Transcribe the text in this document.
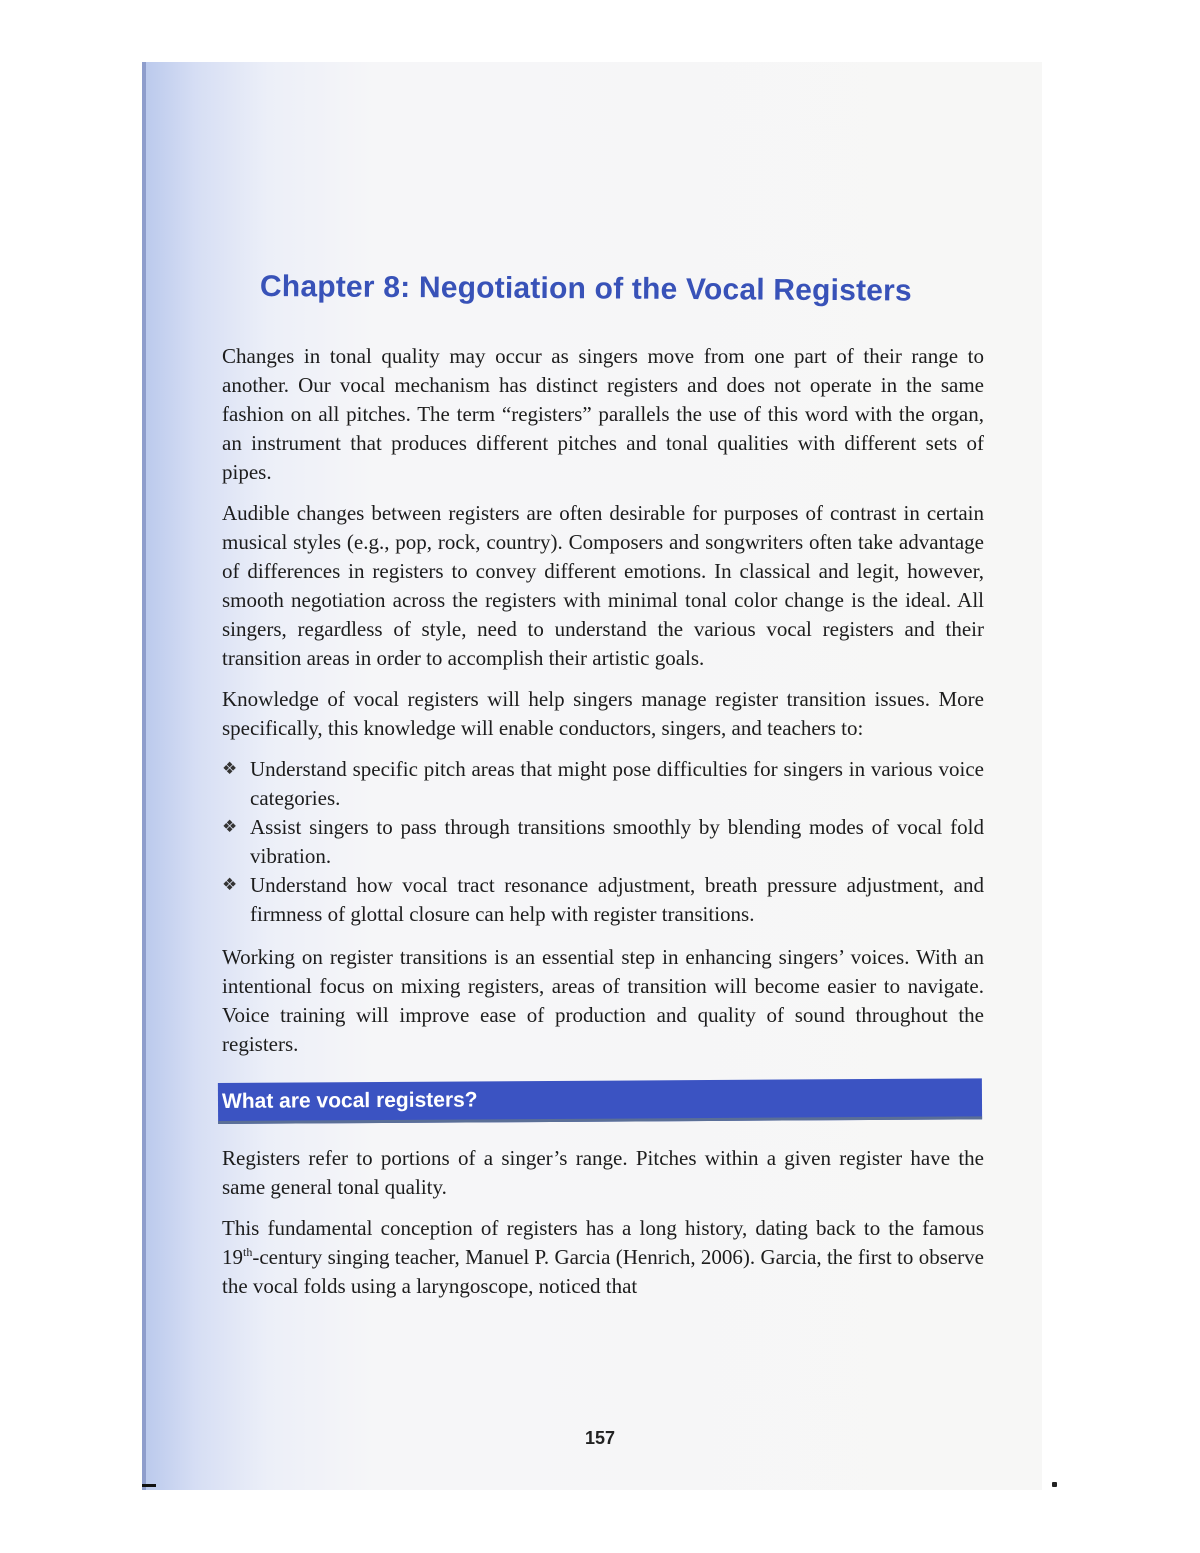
Chapter 8: Negotiation of the Vocal Registers

Changes in tonal quality may occur as singers move from one part of their range to another. Our vocal mechanism has distinct registers and does not operate in the same fashion on all pitches. The term “registers” parallels the use of this word with the organ, an instrument that produces different pitches and tonal qualities with different sets of pipes.

Audible changes between registers are often desirable for purposes of contrast in certain musical styles (e.g., pop, rock, country). Composers and songwriters often take advantage of differences in registers to convey different emotions. In classical and legit, however, smooth negotiation across the registers with minimal tonal color change is the ideal. All singers, regardless of style, need to understand the various vocal registers and their transition areas in order to accomplish their artistic goals.

Knowledge of vocal registers will help singers manage register transition issues. More specifically, this knowledge will enable conductors, singers, and teachers to:

❖ Understand specific pitch areas that might pose difficulties for singers in various voice categories.
❖ Assist singers to pass through transitions smoothly by blending modes of vocal fold vibration.
❖ Understand how vocal tract resonance adjustment, breath pressure adjustment, and firmness of glottal closure can help with register transitions.

Working on register transitions is an essential step in enhancing singers’ voices. With an intentional focus on mixing registers, areas of transition will become easier to navigate. Voice training will improve ease of production and quality of sound throughout the registers.

What are vocal registers?

Registers refer to portions of a singer’s range. Pitches within a given register have the same general tonal quality.

This fundamental conception of registers has a long history, dating back to the famous 19th-century singing teacher, Manuel P. Garcia (Henrich, 2006). Garcia, the first to observe the vocal folds using a laryngoscope, noticed that

157
